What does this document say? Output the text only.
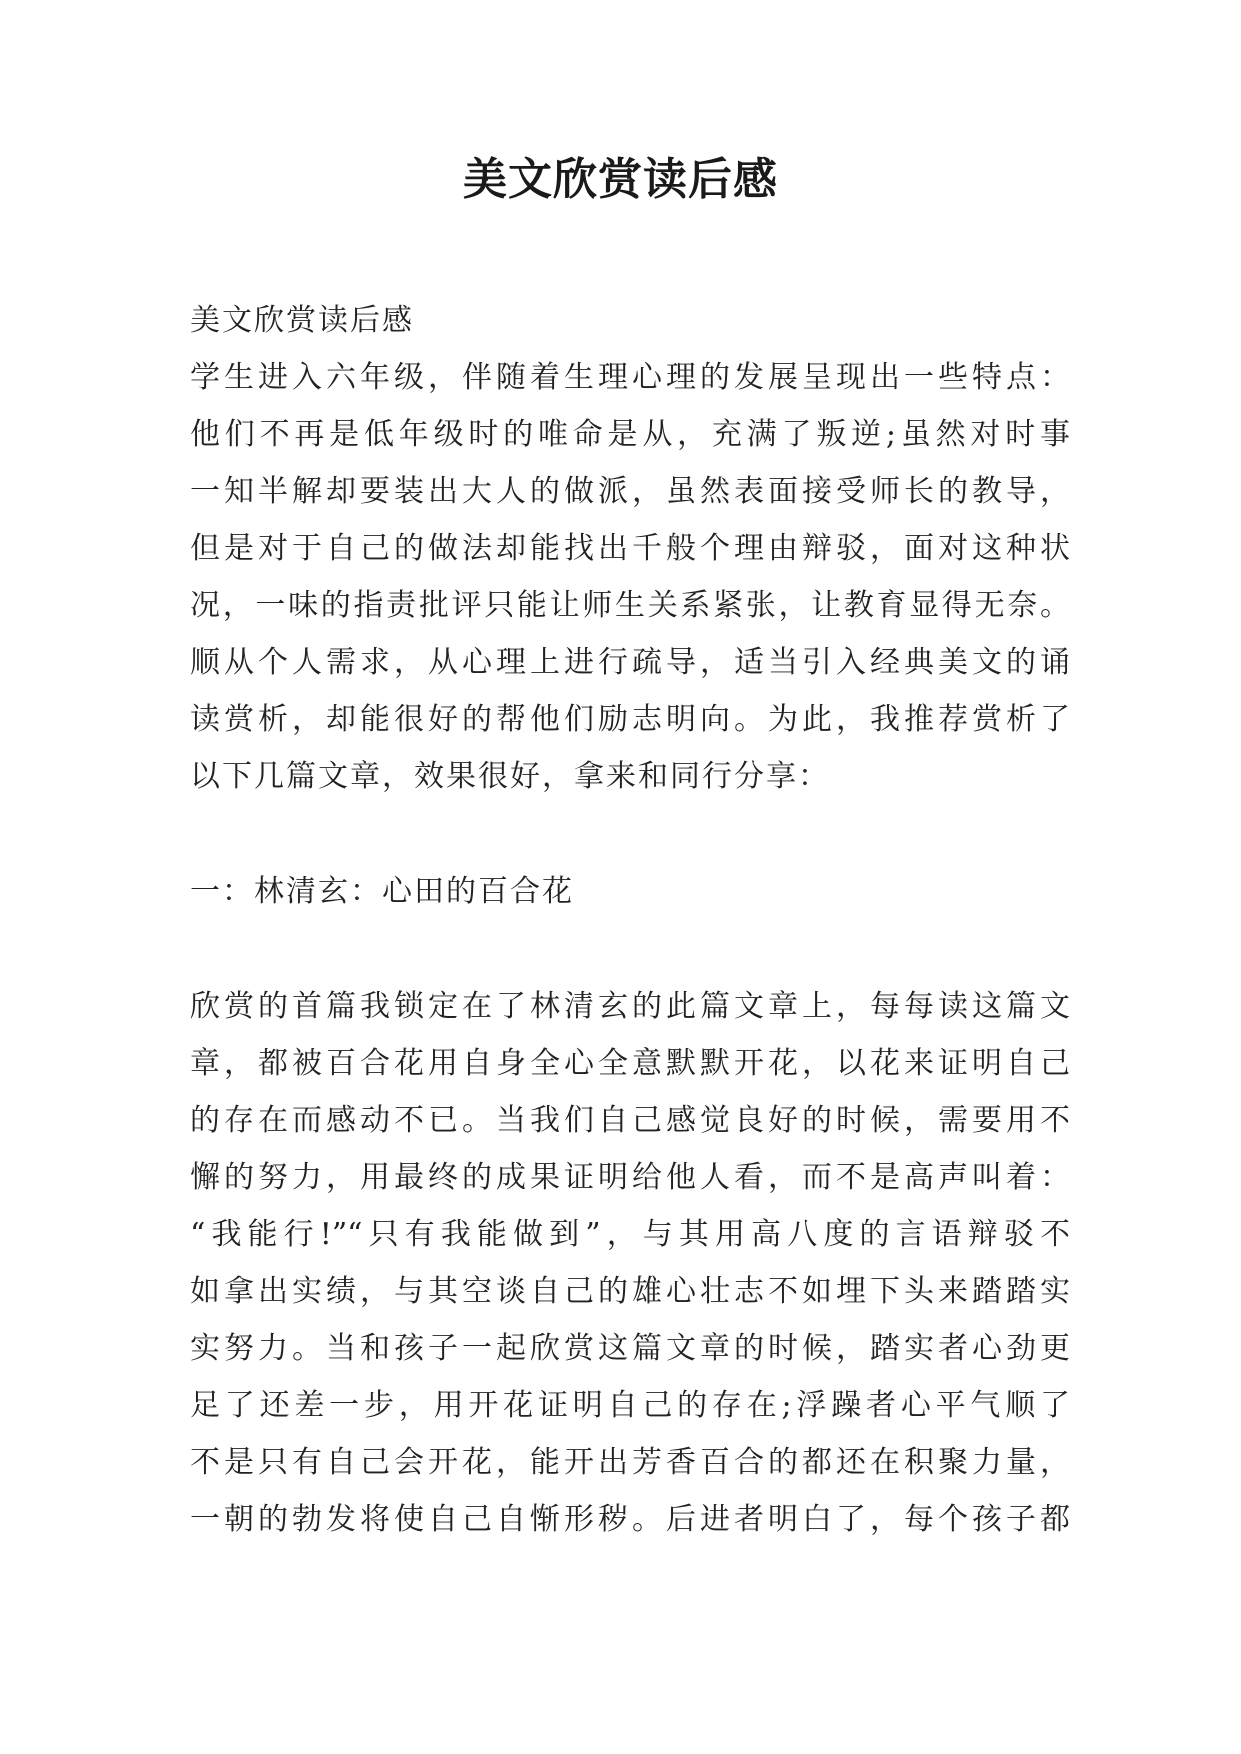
美文欣赏读后感
美文欣赏读后感
学生进入六年级，伴随着生理心理的发展呈现出一些特点：
他们不再是低年级时的唯命是从，充满了叛逆;虽然对时事
一知半解却要装出大人的做派，虽然表面接受师长的教导，
但是对于自己的做法却能找出千般个理由辩驳，面对这种状
况，一味的指责批评只能让师生关系紧张，让教育显得无奈。
顺从个人需求，从心理上进行疏导，适当引入经典美文的诵
读赏析，却能很好的帮他们励志明向。为此，我推荐赏析了
以下几篇文章，效果很好，拿来和同行分享：
一：林清玄：心田的百合花
欣赏的首篇我锁定在了林清玄的此篇文章上，每每读这篇文
章，都被百合花用自身全心全意默默开花，以花来证明自己
的存在而感动不已。当我们自己感觉良好的时候，需要用不
懈的努力，用最终的成果证明给他人看，而不是高声叫着：
“我能行!”“只有我能做到”，与其用高八度的言语辩驳不
如拿出实绩，与其空谈自己的雄心壮志不如埋下头来踏踏实
实努力。当和孩子一起欣赏这篇文章的时候，踏实者心劲更
足了还差一步，用开花证明自己的存在;浮躁者心平气顺了
不是只有自己会开花，能开出芳香百合的都还在积聚力量，
一朝的勃发将使自己自惭形秽。后进者明白了，每个孩子都
